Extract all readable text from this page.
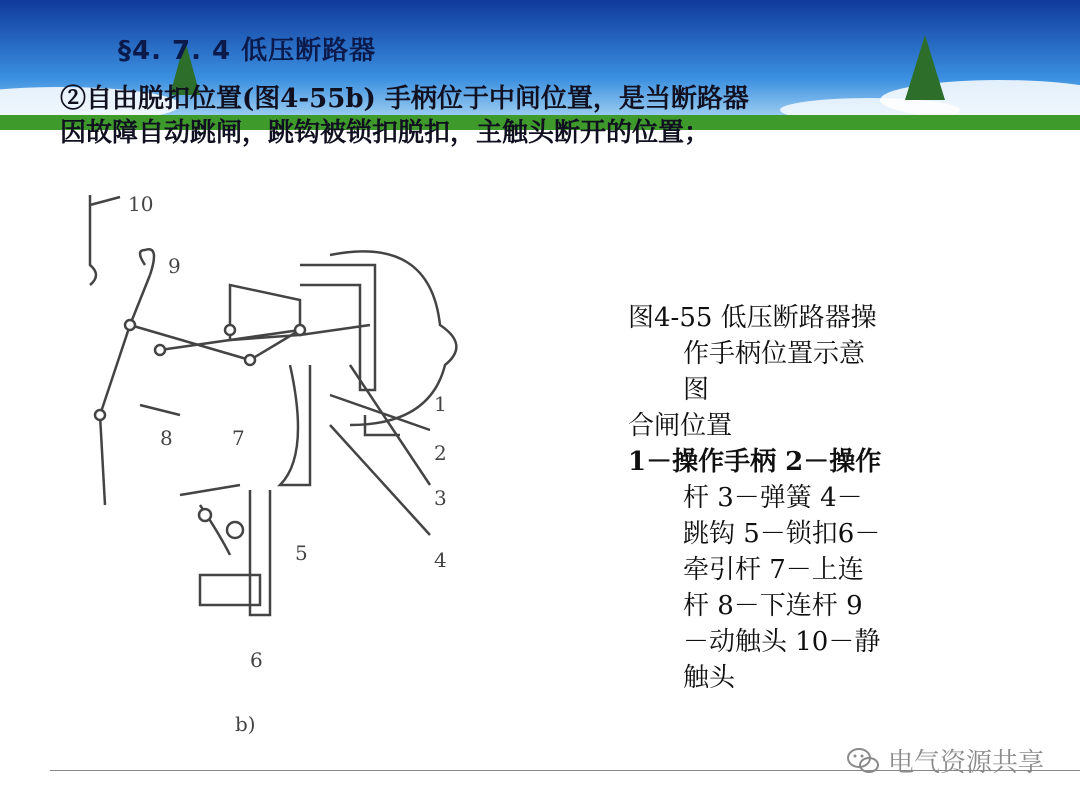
§4. 7. 4 低压断路器
②自由脱扣位置(图4-55b) 手柄位于中间位置，是当断路器
因故障自动跳闸，跳钩被锁扣脱扣，主触头断开的位置；
10
9
1
2
3
4
5
6
7
8
b)
图4-55 低压断路器操
作手柄位置示意
图
合闸位置
1－操作手柄 2－操作
杆 3－弹簧 4－
跳钩 5－锁扣6－
牵引杆 7－上连
杆 8－下连杆 9
－动触头 10－静
触头
电气资源共享
